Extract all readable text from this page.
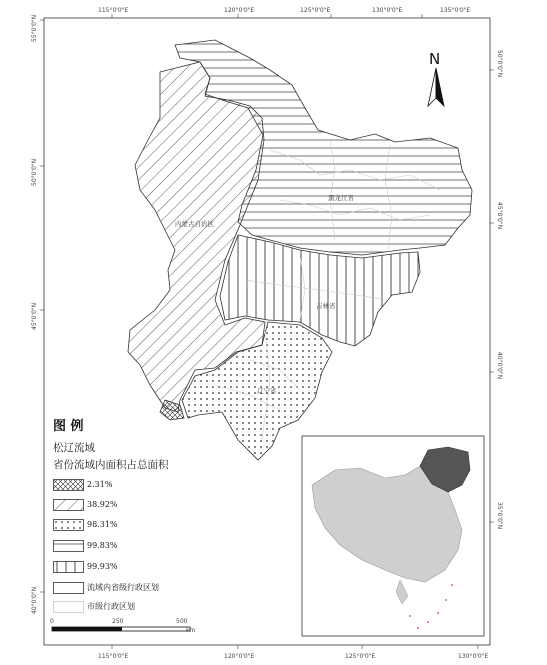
115°0'0"E	120°0'0"E	125°0'0"E	130°0'0"E	135°0'0"E
115°0'0"E	120°0'0"E	125°0'0"E	130°0'0"E
55°0'0"N
50°0'0"N
45°0'0"N
40°0'0"N
50°0'0"N
45°0'0"N
40°0'0"N
35°0'0"N
N
黑龙江省
内蒙古自治区
吉林省
辽宁省
0	250	500
km
图 例
松辽流域
省份流域内面积占总面积
2.31%
38.92%
98.31%
99.83%
99.93%
流域内省级行政区划
市级行政区划
